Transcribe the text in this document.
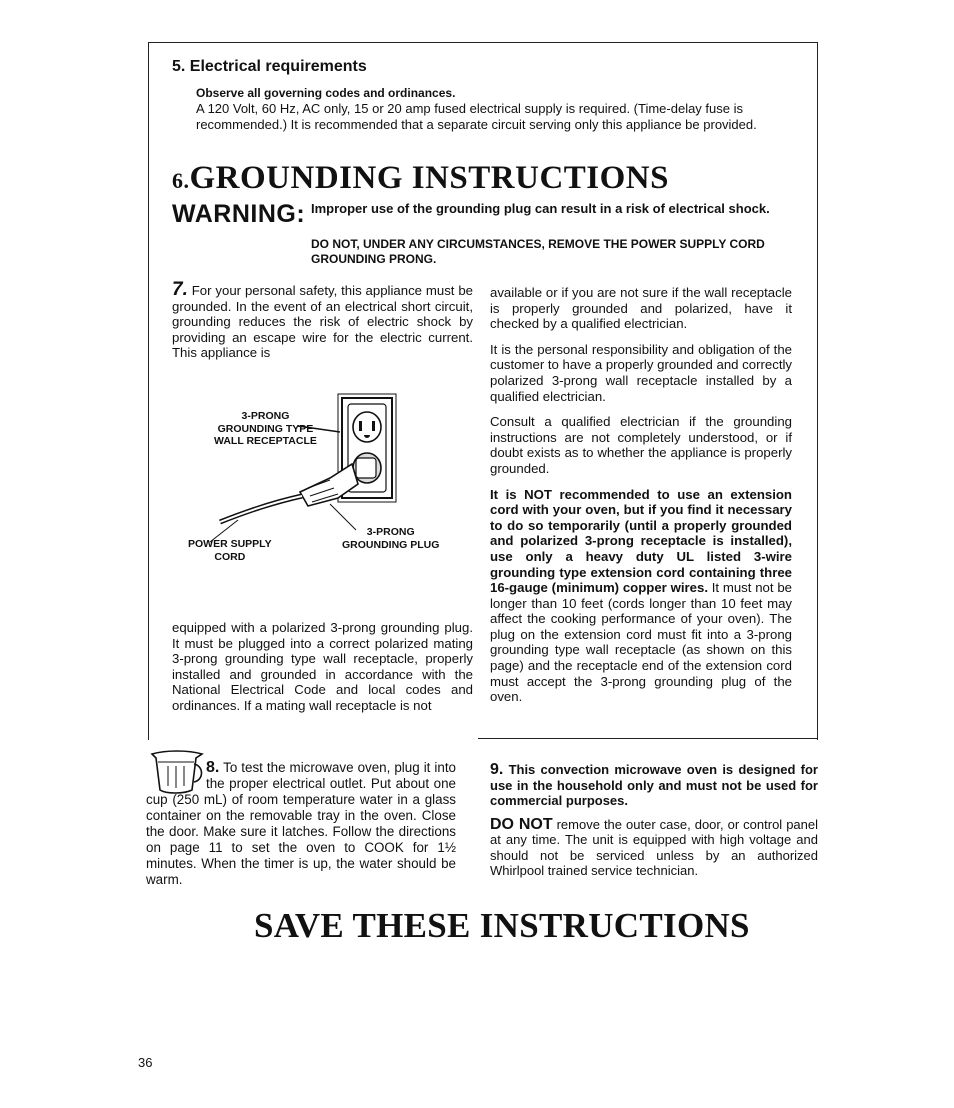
5. Electrical requirements
Observe all governing codes and ordinances.
A 120 Volt, 60 Hz, AC only, 15 or 20 amp fused electrical supply is required. (Time-delay fuse is recommended.) It is recommended that a separate circuit serving only this appliance be provided.
6.GROUNDING INSTRUCTIONS
WARNING: Improper use of the grounding plug can result in a risk of electrical shock.
DO NOT, UNDER ANY CIRCUMSTANCES, REMOVE THE POWER SUPPLY CORD GROUNDING PRONG.
7. For your personal safety, this appliance must be grounded. In the event of an electrical short circuit, grounding reduces the risk of electric shock by providing an escape wire for the electric current. This appliance is
3-PRONG
GROUNDING TYPE
WALL RECEPTACLE
3-PRONG
GROUNDING PLUG
POWER SUPPLY
CORD
equipped with a polarized 3-prong grounding plug. It must be plugged into a correct polarized mating 3-prong grounding type wall receptacle, properly installed and grounded in accordance with the National Electrical Code and local codes and ordinances. If a mating wall receptacle is not

available or if you are not sure if the wall receptacle is properly grounded and polarized, have it checked by a qualified electrician.

It is the personal responsibility and obligation of the customer to have a properly grounded and correctly polarized 3-prong wall receptacle installed by a qualified electrician.

Consult a qualified electrician if the grounding instructions are not completely understood, or if doubt exists as to whether the appliance is properly grounded.

It is NOT recommended to use an extension cord with your oven, but if you find it necessary to do so temporarily (until a properly grounded and polarized 3-prong receptacle is installed), use only a heavy duty UL listed 3-wire grounding type extension cord containing three 16-gauge (minimum) copper wires. It must not be longer than 10 feet (cords longer than 10 feet may affect the cooking performance of your oven). The plug on the extension cord must fit into a 3-prong grounding type wall receptacle (as shown on this page) and the receptacle end of the extension cord must accept the 3-prong grounding plug of the oven.

8. To test the microwave oven, plug it into the proper electrical outlet. Put about one cup (250 mL) of room temperature water in a glass container on the removable tray in the oven. Close the door. Make sure it latches. Follow the directions on page 11 to set the oven to COOK for 1½ minutes. When the timer is up, the water should be warm.

9. This convection microwave oven is designed for use in the household only and must not be used for commercial purposes.

DO NOT remove the outer case, door, or control panel at any time. The unit is equipped with high voltage and should not be serviced unless by an authorized Whirlpool trained service technician.

SAVE THESE INSTRUCTIONS
36
